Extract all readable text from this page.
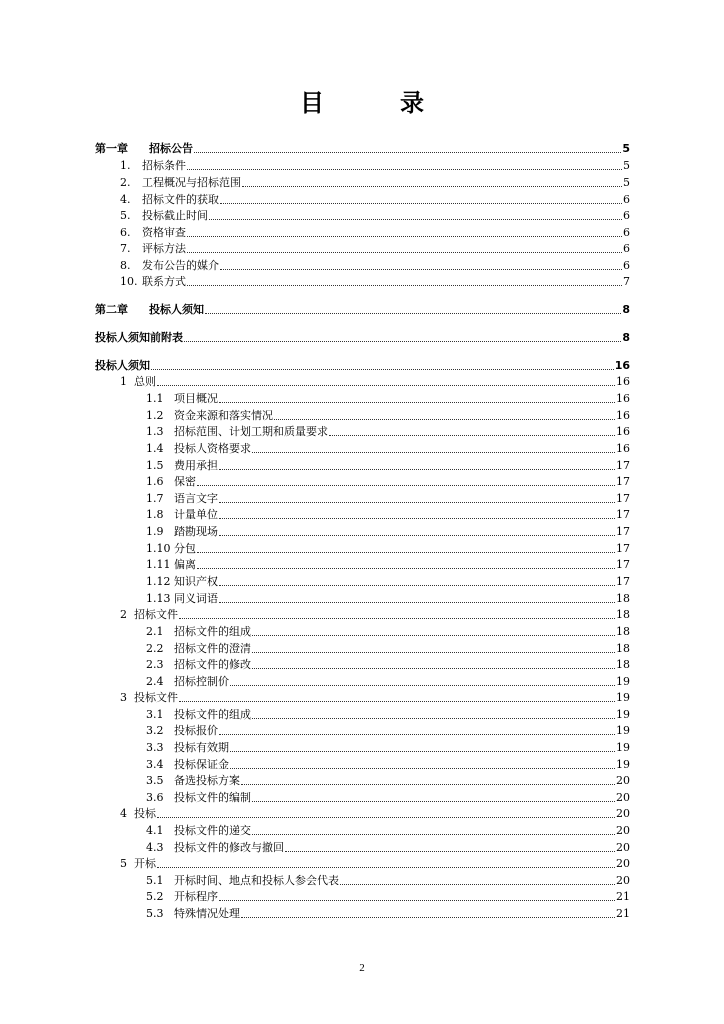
目　录
第一章	招标公告	5
1.	招标条件	5
2.	工程概况与招标范围	5
4.	招标文件的获取	6
5.	投标截止时间	6
6.	资格审查	6
7.	评标方法	6
8.	发布公告的媒介	6
10. 联系方式	7
第二章	投标人须知	8
投标人须知前附表	8
投标人须知	16
1 总则	16
1.1 项目概况	16
1.2 资金来源和落实情况	16
1.3 招标范围、计划工期和质量要求	16
1.4 投标人资格要求	16
1.5 费用承担	17
1.6 保密	17
1.7 语言文字	17
1.8 计量单位	17
1.9 踏勘现场	17
1.10 分包	17
1.11 偏离	17
1.12 知识产权	17
1.13 同义词语	18
2 招标文件	18
2.1 招标文件的组成	18
2.2 招标文件的澄清	18
2.3 招标文件的修改	18
2.4 招标控制价	19
3 投标文件	19
3.1 投标文件的组成	19
3.2 投标报价	19
3.3 投标有效期	19
3.4 投标保证金	19
3.5 备选投标方案	20
3.6 投标文件的编制	20
4 投标	20
4.1 投标文件的递交	20
4.3 投标文件的修改与撤回	20
5 开标	20
5.1 开标时间、地点和投标人参会代表	20
5.2 开标程序	21
5.3 特殊情况处理	21
2
